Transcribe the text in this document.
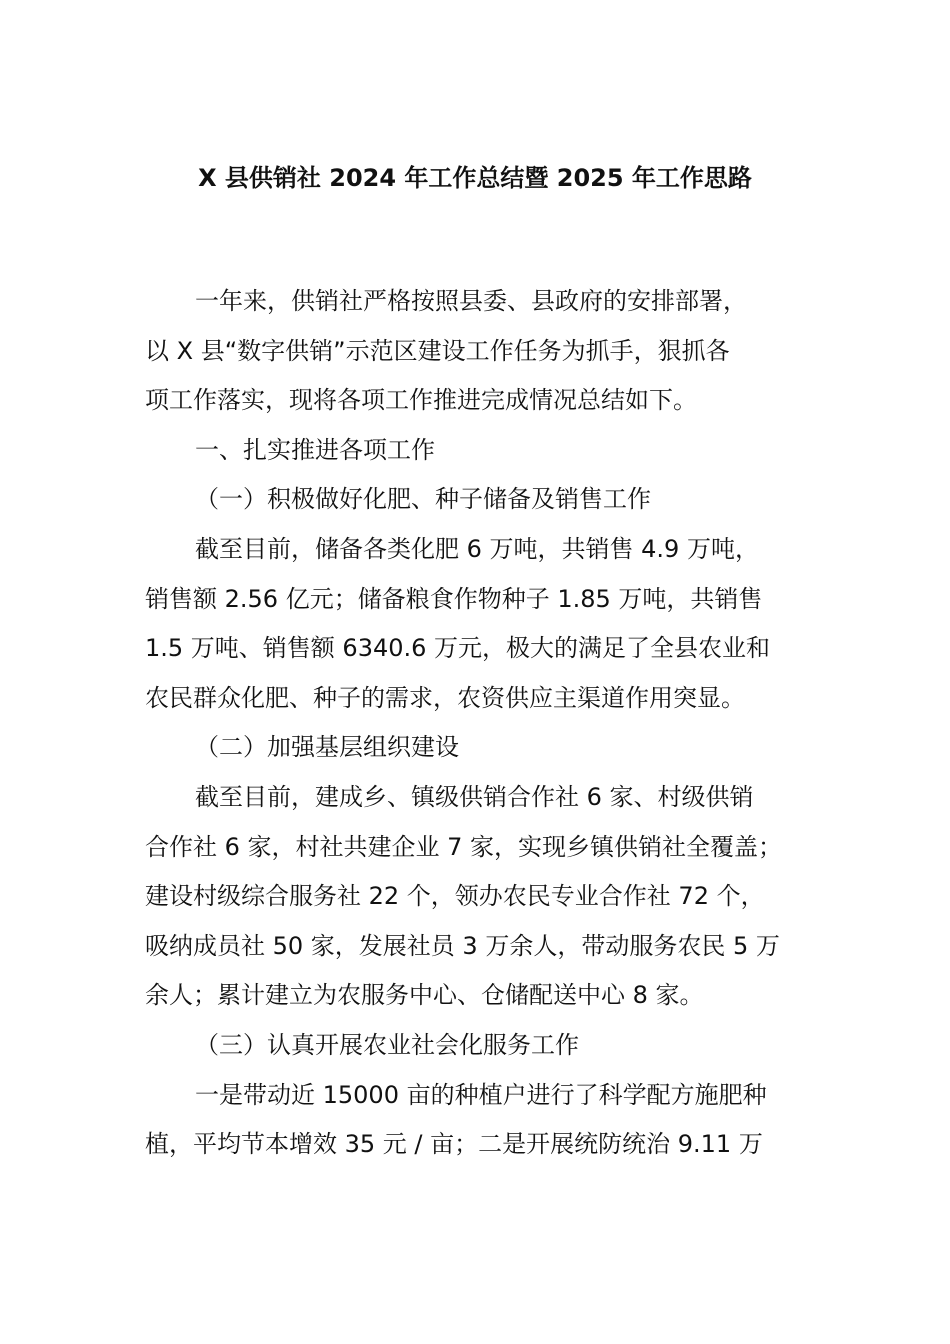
X 县供销社 2024 年工作总结暨 2025 年工作思路
一年来，供销社严格按照县委、县政府的安排部署，
以 X 县“数字供销”示范区建设工作任务为抓手，狠抓各
项工作落实，现将各项工作推进完成情况总结如下。
一、扎实推进各项工作
（一）积极做好化肥、种子储备及销售工作
截至目前，储备各类化肥 6 万吨，共销售 4.9 万吨，
销售额 2.56 亿元；储备粮食作物种子 1.85 万吨，共销售
1.5 万吨、销售额 6340.6 万元，极大的满足了全县农业和
农民群众化肥、种子的需求，农资供应主渠道作用突显。
（二）加强基层组织建设
截至目前，建成乡、镇级供销合作社 6 家、村级供销
合作社 6 家，村社共建企业 7 家，实现乡镇供销社全覆盖；
建设村级综合服务社 22 个，领办农民专业合作社 72 个，
吸纳成员社 50 家，发展社员 3 万余人，带动服务农民 5 万
余人；累计建立为农服务中心、仓储配送中心 8 家。
（三）认真开展农业社会化服务工作
一是带动近 15000 亩的种植户进行了科学配方施肥种
植，平均节本增效 35 元 / 亩；二是开展统防统治 9.11 万
